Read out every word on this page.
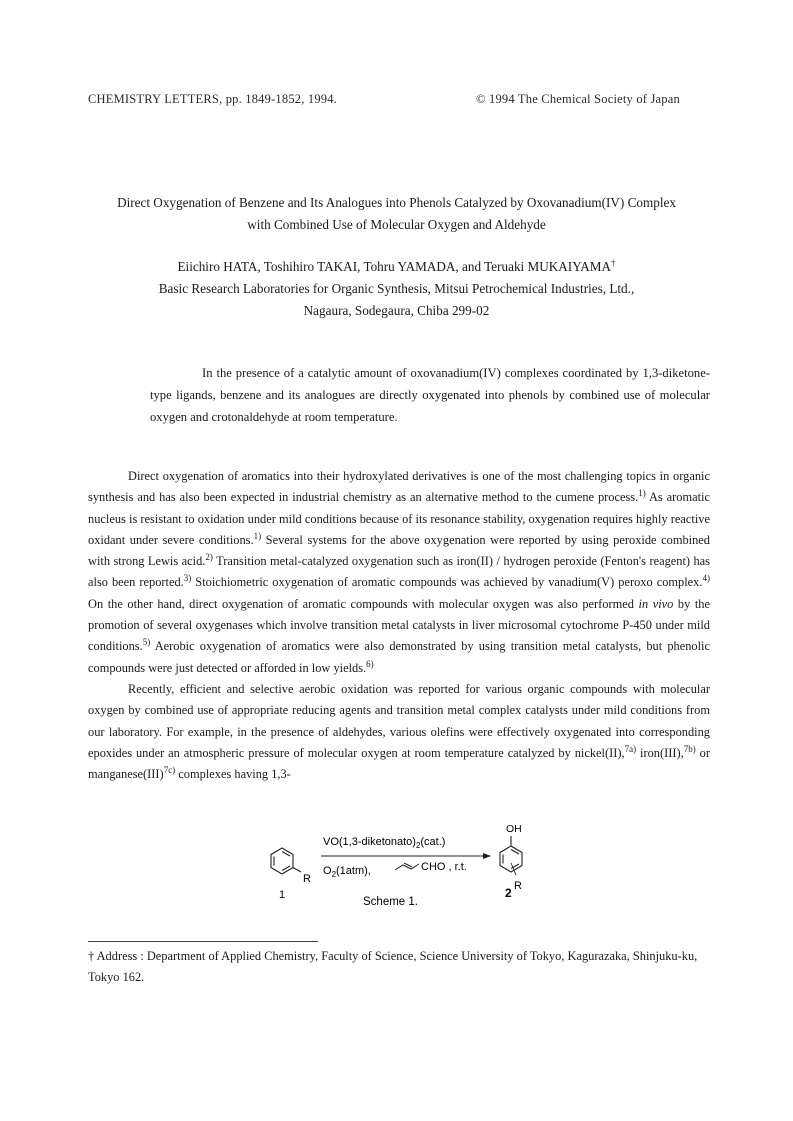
CHEMISTRY LETTERS, pp. 1849-1852, 1994.	© 1994 The Chemical Society of Japan
Direct Oxygenation of Benzene and Its Analogues into Phenols Catalyzed by Oxovanadium(IV) Complex
with Combined Use of Molecular Oxygen and Aldehyde
Eiichiro HATA, Toshihiro TAKAI, Tohru YAMADA, and Teruaki MUKAIYAMA†
Basic Research Laboratories for Organic Synthesis, Mitsui Petrochemical Industries, Ltd.,
Nagaura, Sodegaura, Chiba 299-02

In the presence of a catalytic amount of oxovanadium(IV) complexes coordinated by 1,3-diketone-type ligands, benzene and its analogues are directly oxygenated into phenols by combined use of molecular oxygen and crotonaldehyde at room temperature.

Direct oxygenation of aromatics into their hydroxylated derivatives is one of the most challenging topics in organic synthesis and has also been expected in industrial chemistry as an alternative method to the cumene process.$^{1)}$ As aromatic nucleus is resistant to oxidation under mild conditions because of its resonance stability, oxygenation requires highly reactive oxidant under severe conditions.$^{1)}$ Several systems for the above oxygenation were reported by using peroxide combined with strong Lewis acid.$^{2)}$ Transition metal-catalyzed oxygenation such as iron(II) / hydrogen peroxide (Fenton's reagent) has also been reported.$^{3)}$ Stoichiometric oxygenation of aromatic compounds was achieved by vanadium(V) peroxo complex.$^{4)}$ On the other hand, direct oxygenation of aromatic compounds with molecular oxygen was also performed in vivo by the promotion of several oxygenases which involve transition metal catalysts in liver microsomal cytochrome P-450 under mild conditions.$^{5)}$ Aerobic oxygenation of aromatics were also demonstrated by using transition metal catalysts, but phenolic compounds were just detected or afforded in low yields.$^{6)}$

Recently, efficient and selective aerobic oxidation was reported for various organic compounds with molecular oxygen by combined use of appropriate reducing agents and transition metal complex catalysts under mild conditions from our laboratory. For example, in the presence of aldehydes, various olefins were effectively oxygenated into corresponding epoxides under an atmospheric pressure of molecular oxygen at room temperature catalyzed by nickel(II),$^{7a)}$ iron(III),$^{7b)}$ or manganese(III)$^{7c)}$ complexes having 1,3-

R
1
$VO(1,3-diketonato)_2(cat.)$
$O_2(1atm)$,	CHO , r.t.
OH
R
2
Scheme 1.
† Address : Department of Applied Chemistry, Faculty of Science, Science University of Tokyo, Kagurazaka, Shinjuku-ku, Tokyo 162.
